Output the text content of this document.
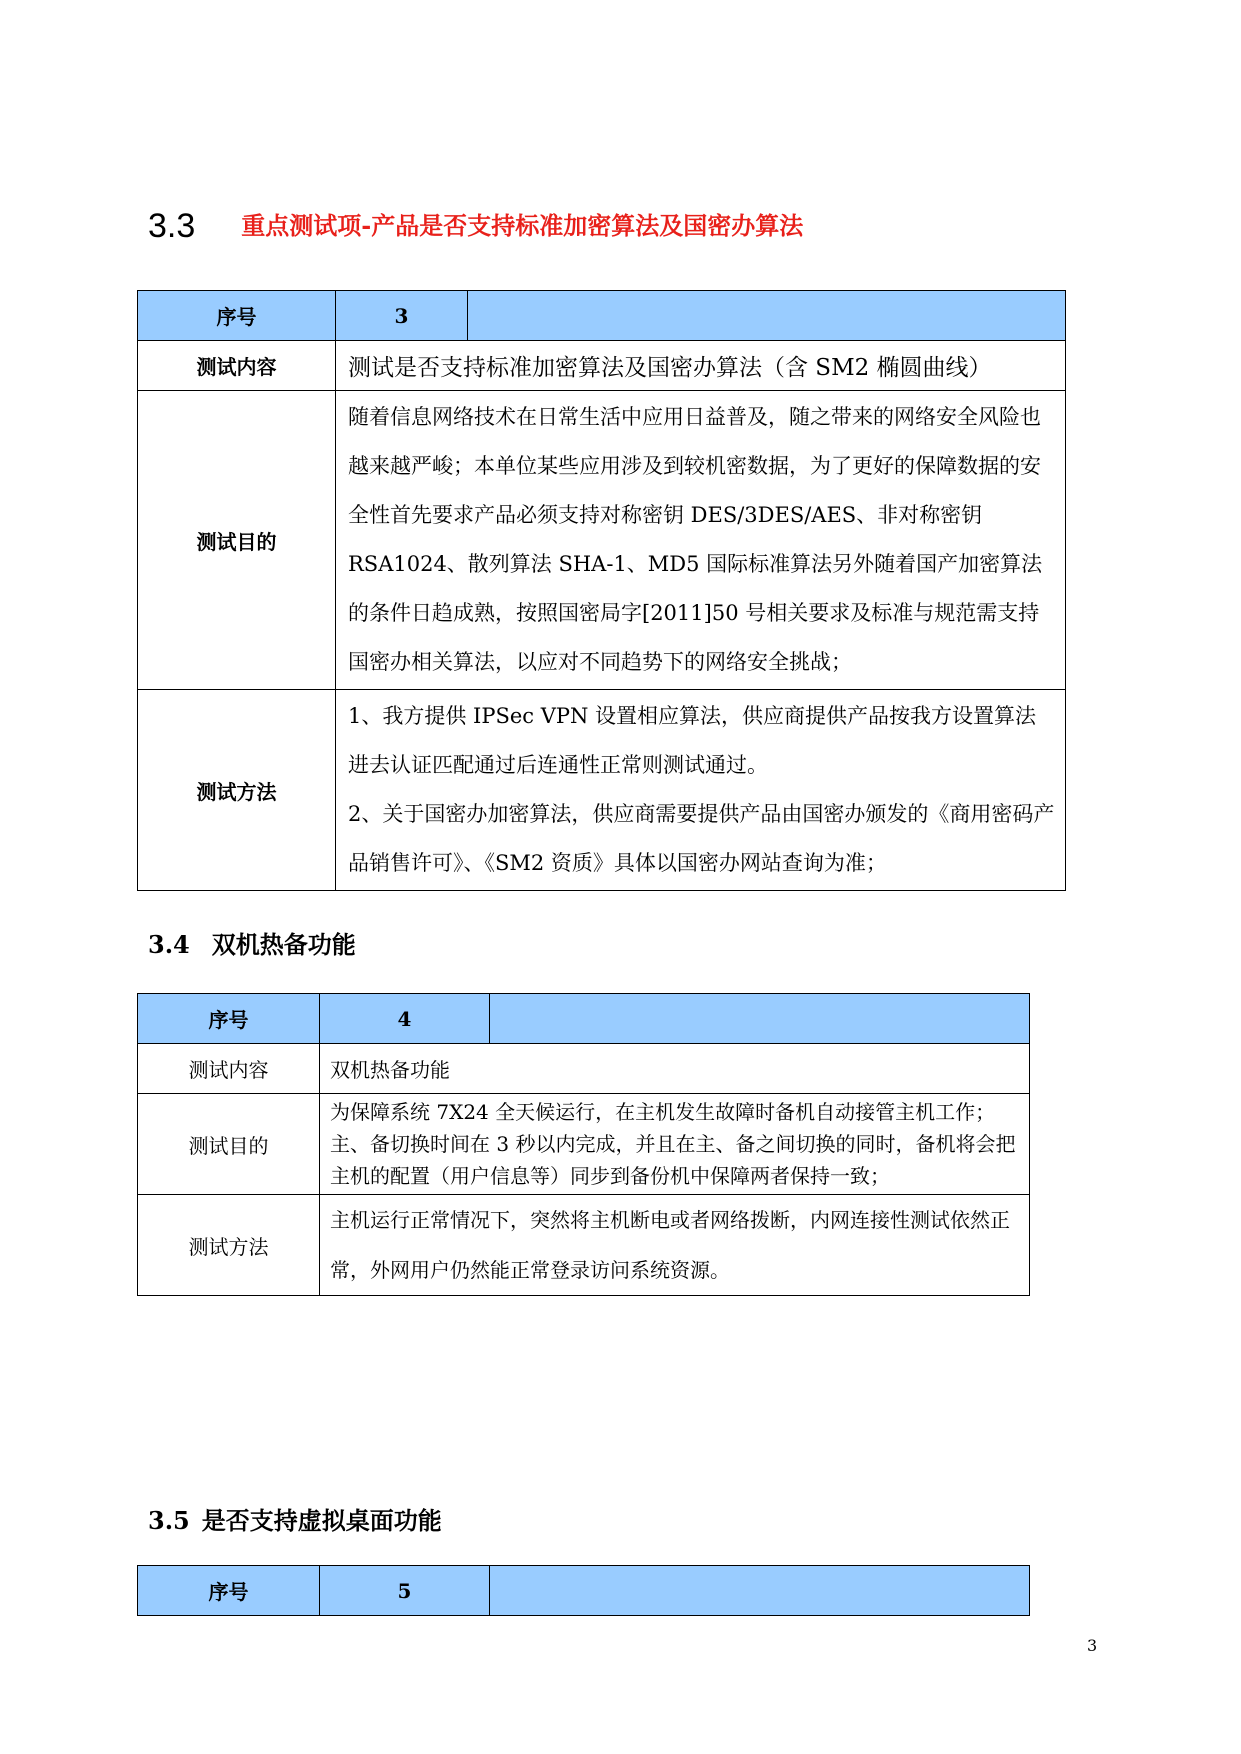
3.3 重点测试项-产品是否支持标准加密算法及国密办算法
序号	3	
测试内容	测试是否支持标准加密算法及国密办算法（含 SM2 椭圆曲线）	
测试目的	随着信息网络技术在日常生活中应用日益普及，随之带来的网络安全风险也越来越严峻；本单位某些应用涉及到较机密数据，为了更好的保障数据的安全性首先要求产品必须支持对称密钥 DES/3DES/AES、非对称密钥 RSA1024、散列算法 SHA-1、MD5 国际标准算法另外随着国产加密算法的条件日趋成熟，按照国密局字[2011]50 号相关要求及标准与规范需支持国密办相关算法，以应对不同趋势下的网络安全挑战；	
测试方法	1、我方提供 IPSec VPN 设置相应算法，供应商提供产品按我方设置算法进去认证匹配通过后连通性正常则测试通过。
2、关于国密办加密算法，供应商需要提供产品由国密办颁发的《商用密码产品销售许可》、《SM2 资质》具体以国密办网站查询为准；	
3.4 双机热备功能
序号	4	
测试内容	双机热备功能	
测试目的	为保障系统 7X24 全天候运行，在主机发生故障时备机自动接管主机工作；主、备切换时间在 3 秒以内完成，并且在主、备之间切换的同时，备机将会把主机的配置（用户信息等）同步到备份机中保障两者保持一致；	
测试方法	主机运行正常情况下，突然将主机断电或者网络拨断，内网连接性测试依然正常，外网用户仍然能正常登录访问系统资源。	
3.5 是否支持虚拟桌面功能
序号	5	
3
